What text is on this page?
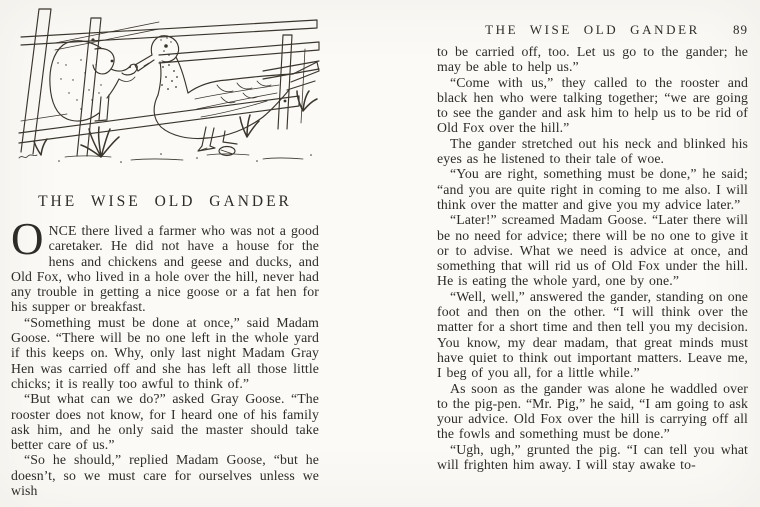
THE WISE OLD GANDER

ONCE there lived a farmer who was not a good caretaker. He did not have a house for the hens and chickens and geese and ducks, and Old Fox, who lived in a hole over the hill, never had any trouble in getting a nice goose or a fat hen for his supper or breakfast.

“Something must be done at once,” said Madam Goose. “There will be no one left in the whole yard if this keeps on. Why, only last night Madam Gray Hen was carried off and she has left all those little chicks; it is really too awful to think of.”

“But what can we do?” asked Gray Goose. “The rooster does not know, for I heard one of his family ask him, and he only said the master should take better care of us.”

“So he should,” replied Madam Goose, “but he doesn’t, so we must care for ourselves unless we wish

THE WISE OLD GANDER	89

to be carried off, too. Let us go to the gander; he may be able to help us.”

“Come with us,” they called to the rooster and black hen who were talking together; “we are going to see the gander and ask him to help us to be rid of Old Fox over the hill.”

The gander stretched out his neck and blinked his eyes as he listened to their tale of woe.

“You are right, something must be done,” he said; “and you are quite right in coming to me also. I will think over the matter and give you my advice later.”

“Later!” screamed Madam Goose. “Later there will be no need for advice; there will be no one to give it or to advise. What we need is advice at once, and something that will rid us of Old Fox under the hill. He is eating the whole yard, one by one.”

“Well, well,” answered the gander, standing on one foot and then on the other. “I will think over the matter for a short time and then tell you my decision. You know, my dear madam, that great minds must have quiet to think out important matters. Leave me, I beg of you all, for a little while.”

As soon as the gander was alone he waddled over to the pig-pen. “Mr. Pig,” he said, “I am going to ask your advice. Old Fox over the hill is carrying off all the fowls and something must be done.”

“Ugh, ugh,” grunted the pig. “I can tell you what will frighten him away. I will stay awake to-
